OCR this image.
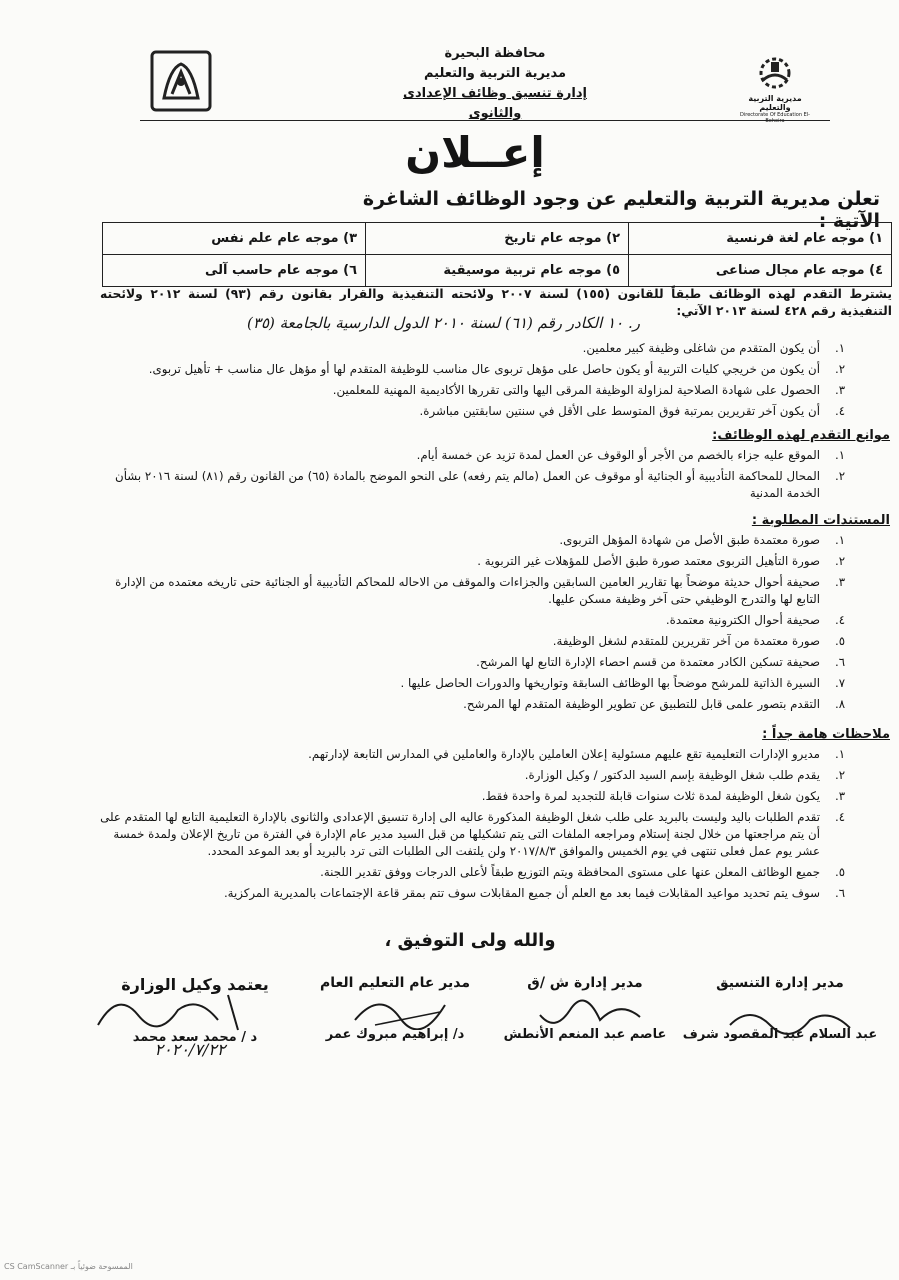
محافظة البحيرة
مديرية التربية والتعليم
إدارة تنسيق وظائف الإعدادى والثانوى
مديرية التربية والتعليم
Directorate Of Education El-Beheira
إعــلان
تعلن مديرية التربية والتعليم عن وجود الوظائف الشاغرة الآتية :
١) موجه عام لغة فرنسية	٢) موجه عام تاريخ	٣) موجه عام علم نفس
٤) موجه عام مجال صناعى	٥) موجه عام تربية موسيقية	٦) موجه عام حاسب آلى
يشترط التقدم لهذه الوظائف طبقاً للقانون (١٥٥) لسنة ٢٠٠٧ ولائحته التنفيذية والقرار بقانون رقم (٩٣) لسنة ٢٠١٢ ولائحته التنفيذية رقم ٤٢٨ لسنة ٢٠١٣ الآتي:
ر. ١٠ الكادر رقم (٦١) لسنة ٢٠١٠ الدول الدارسية بالجامعة (٣٥)
١.
أن يكون المتقدم من شاغلى وظيفة كبير معلمين.
٢.
أن يكون من خريجي كليات التربية أو يكون حاصل على مؤهل تربوى عال مناسب للوظيفة المتقدم لها أو مؤهل عال مناسب + تأهيل تربوى.
٣.
الحصول على شهادة الصلاحية لمزاولة الوظيفة المرقى اليها والتى تقررها الأكاديمية المهنية للمعلمين.
٤.
أن يكون آخر تقريرين بمرتبة فوق المتوسط على الأقل في سنتين سابقتين مباشرة.
موانع التقدم لهذه الوظائف:
١.
الموقع عليه جزاء بالخصم من الأجر أو الوقوف عن العمل لمدة تزيد عن خمسة أيام.
٢.
المحال للمحاكمة التأديبية أو الجنائية أو موقوف عن العمل (مالم يتم رفعه) على النحو الموضح بالمادة (٦٥) من القانون رقم (٨١) لسنة ٢٠١٦ بشأن الخدمة المدنية
المستندات المطلوبة :
١.
صورة معتمدة طبق الأصل من شهادة المؤهل التربوى.
٢.
صورة التأهيل التربوى معتمد صورة طبق الأصل للمؤهلات غير التربوية .
٣.
صحيفة أحوال حديثة موضحاً بها تقارير العامين السابقين والجزاءات والموقف من الاحاله للمحاكم التأديبية أو الجنائية حتى تاريخه معتمده من الإدارة التابع لها والتدرج الوظيفي حتى آخر وظيفة مسكن عليها.
٤.
صحيفة أحوال الكترونية معتمدة.
٥.
صورة معتمدة من آخر تقريرين للمتقدم لشغل الوظيفة.
٦.
صحيفة تسكين الكادر معتمدة من قسم احصاء الإدارة التابع لها المرشح.
٧.
السيرة الذاتية للمرشح موضحاً بها الوظائف السابقة وتواريخها والدورات الحاصل عليها .
٨.
التقدم بتصور علمى قابل للتطبيق عن تطوير الوظيفة المتقدم لها المرشح.
ملاحظات هامة جداً :
١.
مديرو الإدارات التعليمية تقع عليهم مسئولية إعلان العاملين بالإدارة والعاملين في المدارس التابعة لإدارتهم.
٢.
يقدم طلب شغل الوظيفة بإسم السيد الدكتور / وكيل الوزارة.
٣.
يكون شغل الوظيفة لمدة ثلاث سنوات قابلة للتجديد لمرة واحدة فقط.
٤.
تقدم الطلبات باليد وليست بالبريد على طلب شغل الوظيفة المذكورة عاليه الى إدارة تنسيق الإعدادى والثانوى بالإدارة التعليمية التابع لها المتقدم على أن يتم مراجعتها من خلال لجنة إستلام ومراجعه الملفات التى يتم تشكيلها من قبل السيد مدير عام الإدارة في الفترة من تاريخ الإعلان ولمدة خمسة عشر يوم عمل فعلى تنتهى في يوم الخميس والموافق ٢٠١٧/٨/٣ ولن يلتفت الى الطلبات التى ترد بالبريد أو بعد الموعد المحدد.
٥.
جميع الوظائف المعلن عنها على مستوى المحافظة ويتم التوزيع طبقاً لأعلى الدرجات ووفق تقدير اللجنة.
٦.
سوف يتم تحديد مواعيد المقابلات فيما بعد مع العلم أن جميع المقابلات سوف تتم بمقر قاعة الإجتماعات بالمديرية المركزية.
والله ولى التوفيق ،
مدير إدارة التنسيق
عبد السلام عبد المقصود شرف
مدير إدارة ش /ق
عاصم عبد المنعم الأنطش
مدير عام التعليم العام
د/ إبراهيم مبروك عمر
يعتمد وكيل الوزارة
د / محمد سعد محمد
٢٠٢٠/٧/٢٢
CS CamScanner الممسوحة ضوئياً بـ
